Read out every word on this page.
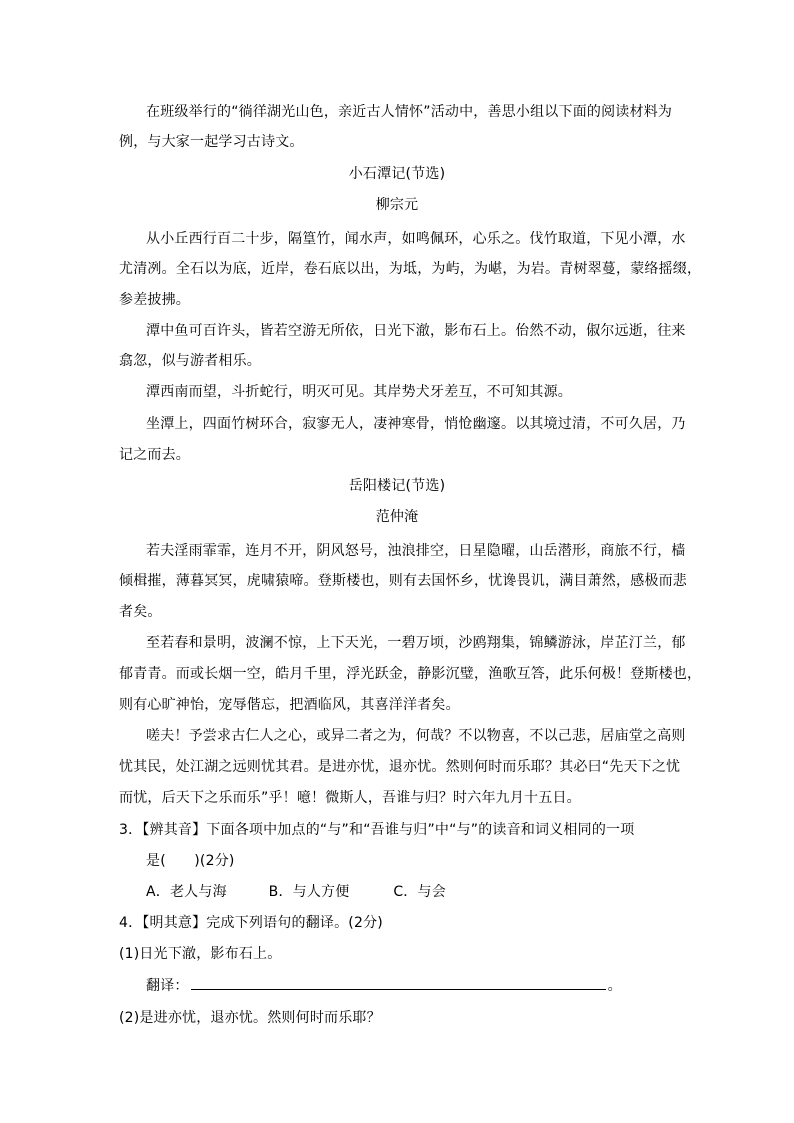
在班级举行的“徜徉湖光山色，亲近古人情怀”活动中，善思小组以下面的阅读材料为
例，与大家一起学习古诗文。
小石潭记(节选)
柳宗元
从小丘西行百二十步，隔篁竹，闻水声，如鸣佩环，心乐之。伐竹取道，下见小潭，水
尤清冽。全石以为底，近岸，卷石底以出，为坻，为屿，为嵁，为岩。青树翠蔓，蒙络摇缀，
参差披拂。
潭中鱼可百许头，皆若空游无所依，日光下澈，影布石上。佁然不动，俶尔远逝，往来
翕忽，似与游者相乐。
潭西南而望，斗折蛇行，明灭可见。其岸势犬牙差互，不可知其源。
坐潭上，四面竹树环合，寂寥无人，凄神寒骨，悄怆幽邃。以其境过清，不可久居，乃
记之而去。
岳阳楼记(节选)
范仲淹
若夫淫雨霏霏，连月不开，阴风怒号，浊浪排空，日星隐曜，山岳潜形，商旅不行，樯
倾楫摧，薄暮冥冥，虎啸猿啼。登斯楼也，则有去国怀乡，忧谗畏讥，满目萧然，感极而悲
者矣。
至若春和景明，波澜不惊，上下天光，一碧万顷，沙鸥翔集，锦鳞游泳，岸芷汀兰，郁
郁青青。而或长烟一空，皓月千里，浮光跃金，静影沉璧，渔歌互答，此乐何极！登斯楼也，
则有心旷神怡，宠辱偕忘，把酒临风，其喜洋洋者矣。
嗟夫！予尝求古仁人之心，或异二者之为，何哉？不以物喜，不以己悲，居庙堂之高则
忧其民，处江湖之远则忧其君。是进亦忧，退亦忧。然则何时而乐耶？其必曰“先天下之忧
而忧，后天下之乐而乐”乎！噫！微斯人，吾谁与归？时六年九月十五日。
3．【辨其音】下面各项中加点的“与”和“吾谁与归”中“与”的读音和词义相同的一项
是(　　)(2分)
A．老人与海	B．与人方便	C．与会
4．【明其意】完成下列语句的翻译。(2分)
(1)日光下澈，影布石上。
翻译：	。
(2)是进亦忧，退亦忧。然则何时而乐耶？
